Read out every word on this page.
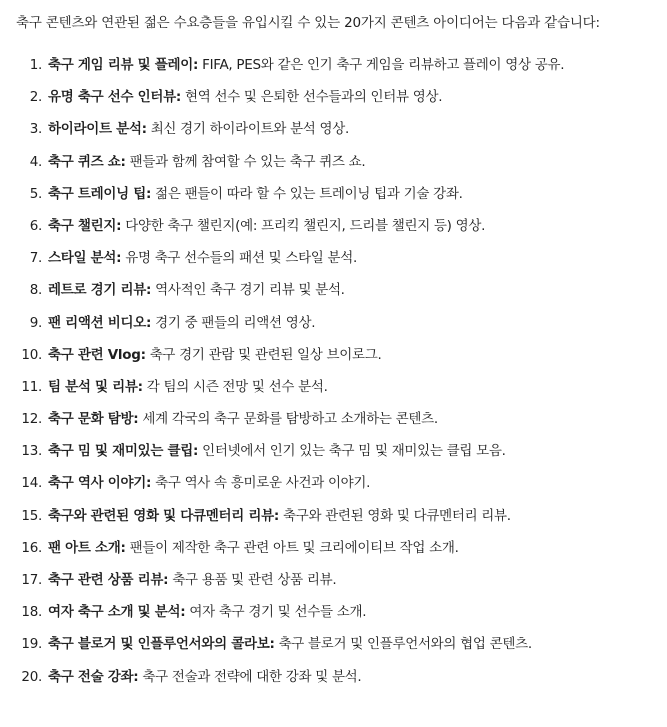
축구 콘텐츠와 연관된 젊은 수요층들을 유입시킬 수 있는 20가지 콘텐츠 아이디어는 다음과 같습니다:

1. 축구 게임 리뷰 및 플레이: FIFA, PES와 같은 인기 축구 게임을 리뷰하고 플레이 영상 공유.
2. 유명 축구 선수 인터뷰: 현역 선수 및 은퇴한 선수들과의 인터뷰 영상.
3. 하이라이트 분석: 최신 경기 하이라이트와 분석 영상.
4. 축구 퀴즈 쇼: 팬들과 함께 참여할 수 있는 축구 퀴즈 쇼.
5. 축구 트레이닝 팁: 젊은 팬들이 따라 할 수 있는 트레이닝 팁과 기술 강좌.
6. 축구 챌린지: 다양한 축구 챌린지(예: 프리킥 챌린지, 드리블 챌린지 등) 영상.
7. 스타일 분석: 유명 축구 선수들의 패션 및 스타일 분석.
8. 레트로 경기 리뷰: 역사적인 축구 경기 리뷰 및 분석.
9. 팬 리액션 비디오: 경기 중 팬들의 리액션 영상.
10. 축구 관련 Vlog: 축구 경기 관람 및 관련된 일상 브이로그.
11. 팀 분석 및 리뷰: 각 팀의 시즌 전망 및 선수 분석.
12. 축구 문화 탐방: 세계 각국의 축구 문화를 탐방하고 소개하는 콘텐츠.
13. 축구 밈 및 재미있는 클립: 인터넷에서 인기 있는 축구 밈 및 재미있는 클립 모음.
14. 축구 역사 이야기: 축구 역사 속 흥미로운 사건과 이야기.
15. 축구와 관련된 영화 및 다큐멘터리 리뷰: 축구와 관련된 영화 및 다큐멘터리 리뷰.
16. 팬 아트 소개: 팬들이 제작한 축구 관련 아트 및 크리에이티브 작업 소개.
17. 축구 관련 상품 리뷰: 축구 용품 및 관련 상품 리뷰.
18. 여자 축구 소개 및 분석: 여자 축구 경기 및 선수들 소개.
19. 축구 블로거 및 인플루언서와의 콜라보: 축구 블로거 및 인플루언서와의 협업 콘텐츠.
20. 축구 전술 강좌: 축구 전술과 전략에 대한 강좌 및 분석.
